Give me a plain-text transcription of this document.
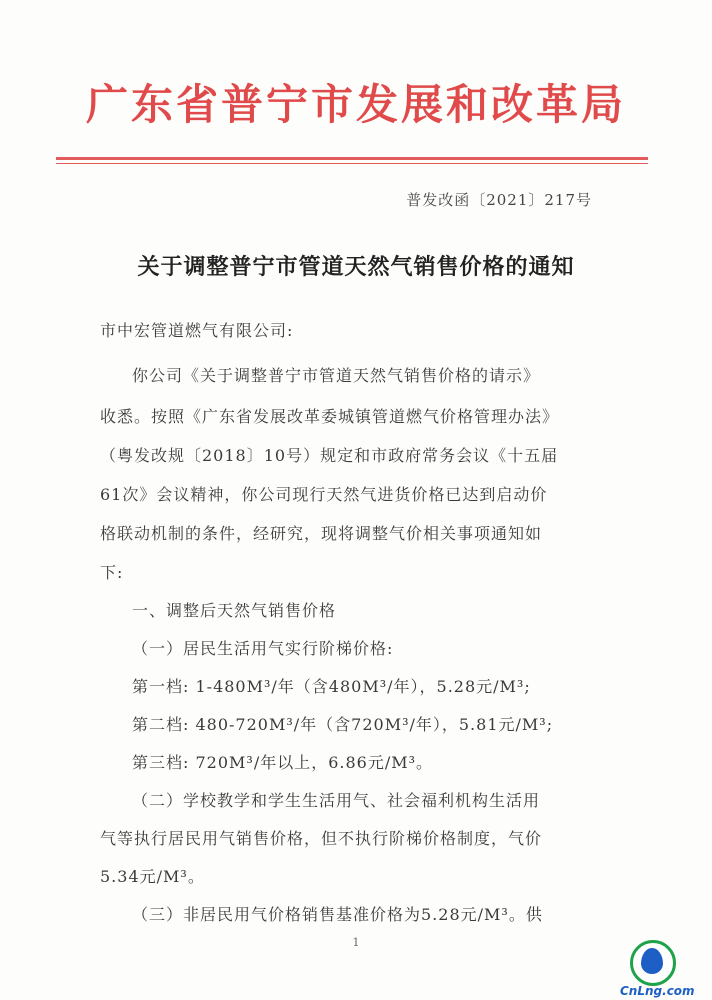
广东省普宁市发展和改革局
普发改函〔2021〕217号
关于调整普宁市管道天然气销售价格的通知
市中宏管道燃气有限公司:
你公司《关于调整普宁市管道天然气销售价格的请示》
收悉。按照《广东省发展改革委城镇管道燃气价格管理办法》
（粤发改规〔2018〕10号）规定和市政府常务会议《十五届
61次》会议精神，你公司现行天然气进货价格已达到启动价
格联动机制的条件，经研究，现将调整气价相关事项通知如
下:
一、调整后天然气销售价格
（一）居民生活用气实行阶梯价格:
第一档: 1-480M³/年（含480M³/年），5.28元/M³;
第二档: 480-720M³/年（含720M³/年），5.81元/M³;
第三档: 720M³/年以上，6.86元/M³。
（二）学校教学和学生生活用气、社会福利机构生活用
气等执行居民用气销售价格，但不执行阶梯价格制度，气价
5.34元/M³。
（三）非居民用气价格销售基准价格为5.28元/M³。供
1
CnLng.com
